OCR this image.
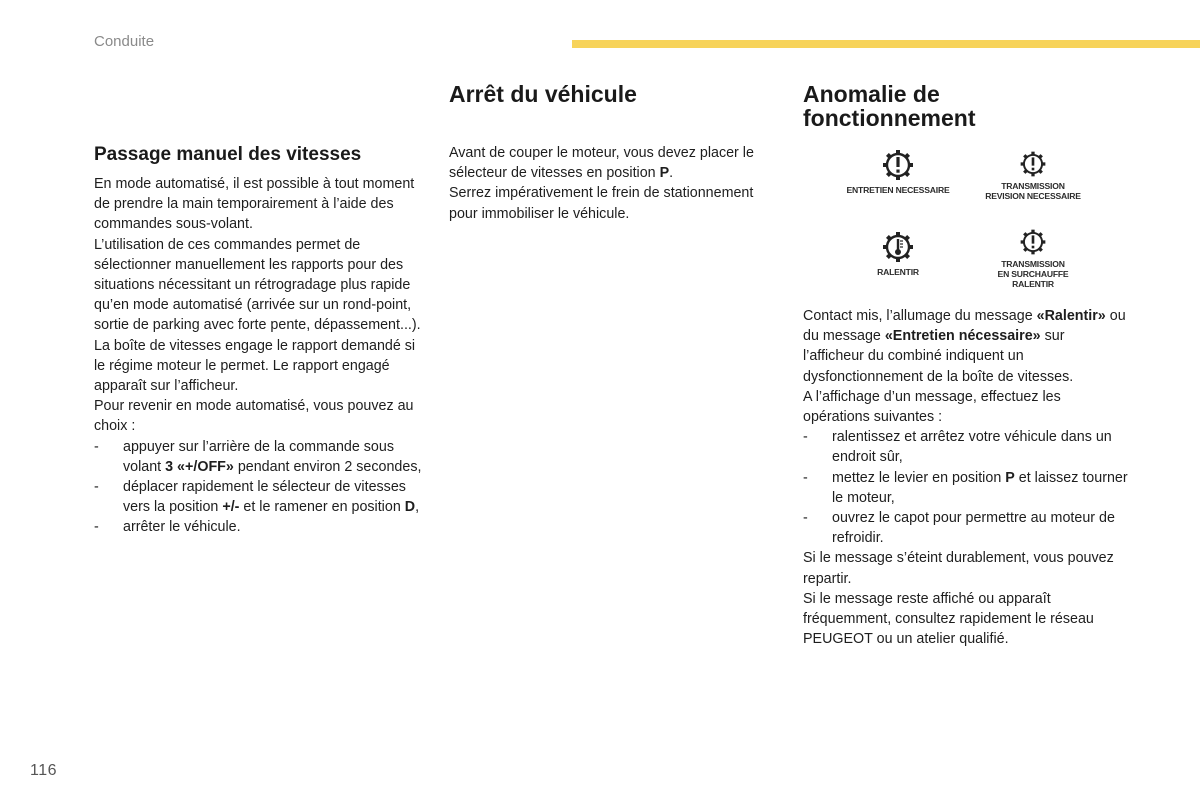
Conduite
Passage manuel des vitesses

En mode automatisé, il est possible à tout moment de prendre la main temporairement à l’aide des commandes sous-volant.

L’utilisation de ces commandes permet de sélectionner manuellement les rapports pour des situations nécessitant un rétrogradage plus rapide qu’en mode automatisé (arrivée sur un rond-point, sortie de parking avec forte pente, dépassement...).

La boîte de vitesses engage le rapport demandé si le régime moteur le permet. Le rapport engagé apparaît sur l’afficheur.

Pour revenir en mode automatisé, vous pouvez au choix :

- appuyer sur l’arrière de la commande sous volant 3 «+/OFF» pendant environ 2 secondes,
- déplacer rapidement le sélecteur de vitesses vers la position +/- et le ramener en position D,
- arrêter le véhicule.
Arrêt du véhicule

Avant de couper le moteur, vous devez placer le sélecteur de vitesses en position P.

Serrez impérativement le frein de stationnement pour immobiliser le véhicule.

Anomalie de
fonctionnement
ENTRETIEN NECESSAIRE	TRANSMISSION
REVISION NECESSAIRE
RALENTIR
TRANSMISSION
EN SURCHAUFFE
RALENTIR

Contact mis, l’allumage du message «Ralentir» ou du message «Entretien nécessaire» sur l’afficheur du combiné indiquent un dysfonctionnement de la boîte de vitesses.

A l’affichage d’un message, effectuez les opérations suivantes :

- ralentissez et arrêtez votre véhicule dans un endroit sûr,
- mettez le levier en position P et laissez tourner le moteur,
- ouvrez le capot pour permettre au moteur de refroidir.

Si le message s’éteint durablement, vous pouvez repartir.

Si le message reste affiché ou apparaît fréquemment, consultez rapidement le réseau PEUGEOT ou un atelier qualifié.

116
